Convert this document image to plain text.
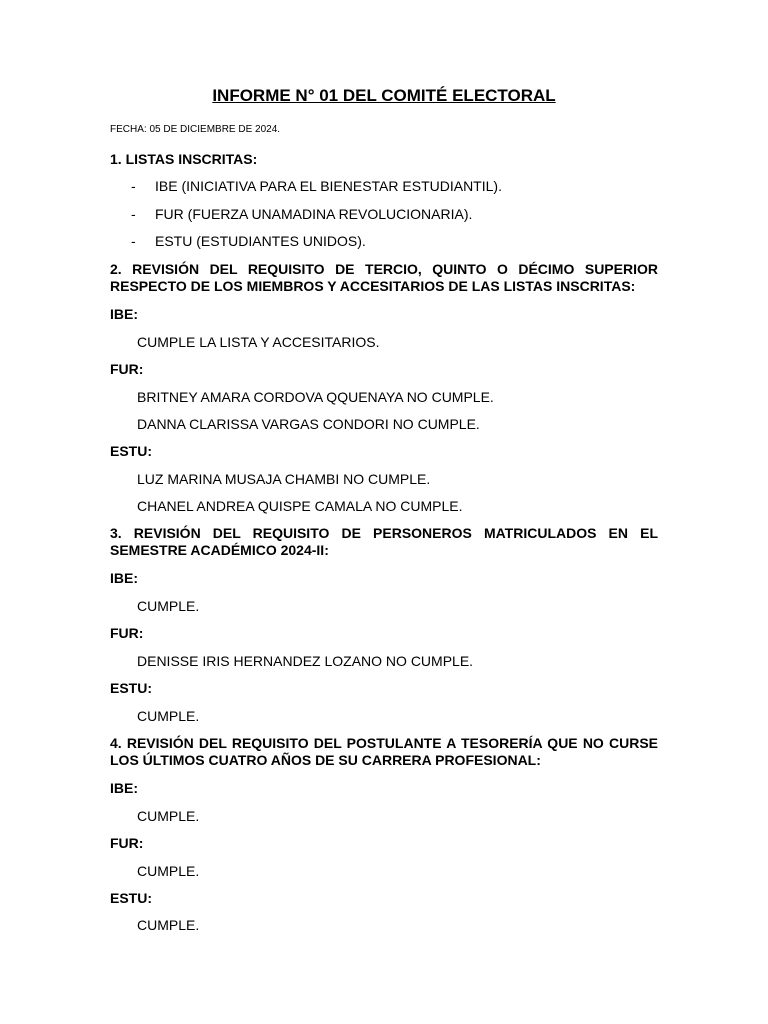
INFORME N° 01 DEL COMITÉ ELECTORAL
FECHA: 05 DE DICIEMBRE DE 2024.
1. LISTAS INSCRITAS:
- IBE (INICIATIVA PARA EL BIENESTAR ESTUDIANTIL).
- FUR (FUERZA UNAMADINA REVOLUCIONARIA).
- ESTU (ESTUDIANTES UNIDOS).
2. REVISIÓN DEL REQUISITO DE TERCIO, QUINTO O DÉCIMO SUPERIOR
RESPECTO DE LOS MIEMBROS Y ACCESITARIOS DE LAS LISTAS INSCRITAS:
IBE:
CUMPLE LA LISTA Y ACCESITARIOS.
FUR:
BRITNEY AMARA CORDOVA QQUENAYA NO CUMPLE.
DANNA CLARISSA VARGAS CONDORI NO CUMPLE.
ESTU:
LUZ MARINA MUSAJA CHAMBI NO CUMPLE.
CHANEL ANDREA QUISPE CAMALA NO CUMPLE.
3. REVISIÓN DEL REQUISITO DE PERSONEROS MATRICULADOS EN EL
SEMESTRE ACADÉMICO 2024-II:
IBE:
CUMPLE.
FUR:
DENISSE IRIS HERNANDEZ LOZANO NO CUMPLE.
ESTU:
CUMPLE.
4. REVISIÓN DEL REQUISITO DEL POSTULANTE A TESORERÍA QUE NO CURSE
LOS ÚLTIMOS CUATRO AÑOS DE SU CARRERA PROFESIONAL:
IBE:
CUMPLE.
FUR:
CUMPLE.
ESTU:
CUMPLE.
